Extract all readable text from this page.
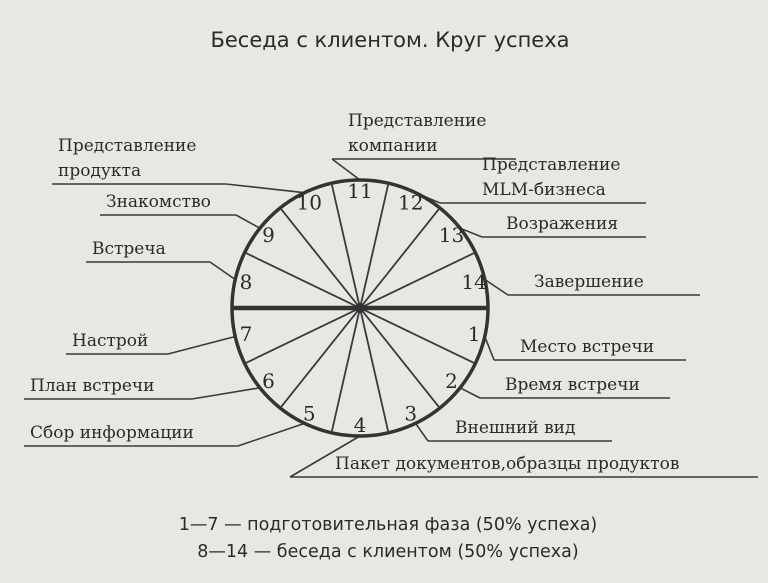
Беседа с клиентом. Круг успеха
1
2
3
4
5
6
7
8
9
10 11 12
13
14
Место встречи
Время встречи
Внешний вид
Пакет документов,образцы продуктов
Сбор информации
План встречи
Настрой
Встреча
Знакомство
Представление
продукта
Представление
компании
Представление
MLM-бизнеса
Возражения
Завершение
1—7 — подготовительная фаза (50% успеха)
8—14 — беседа с клиентом (50% успеха)
